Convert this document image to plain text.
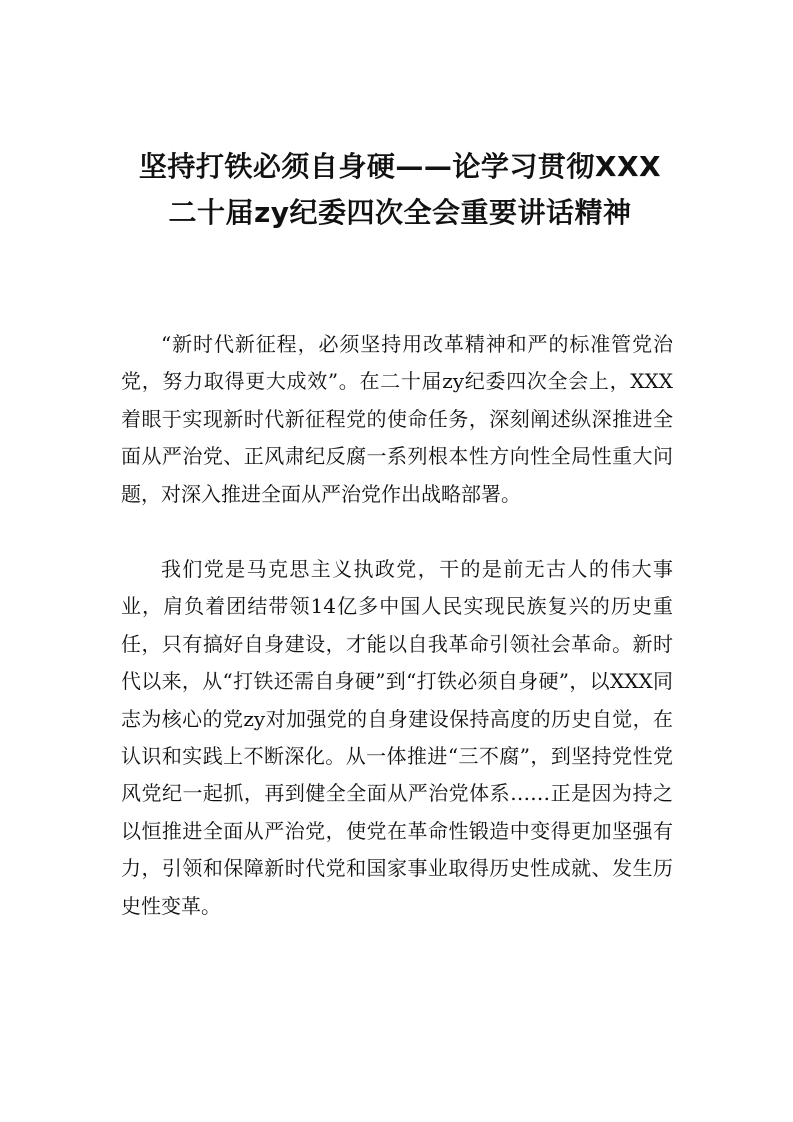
坚持打铁必须自身硬——论学习贯彻XXX
二十届zy纪委四次全会重要讲话精神

“新时代新征程，必须坚持用改革精神和严的标准管党治党，努力取得更大成效”。在二十届zy纪委四次全会上，XXX着眼于实现新时代新征程党的使命任务，深刻阐述纵深推进全面从严治党、正风肃纪反腐一系列根本性方向性全局性重大问题，对深入推进全面从严治党作出战略部署。

我们党是马克思主义执政党，干的是前无古人的伟大事业，肩负着团结带领14亿多中国人民实现民族复兴的历史重任，只有搞好自身建设，才能以自我革命引领社会革命。新时代以来，从“打铁还需自身硬”到“打铁必须自身硬”，以XXX同志为核心的党zy对加强党的自身建设保持高度的历史自觉，在认识和实践上不断深化。从一体推进“三不腐”，到坚持党性党风党纪一起抓，再到健全全面从严治党体系……正是因为持之以恒推进全面从严治党，使党在革命性锻造中变得更加坚强有力，引领和保障新时代党和国家事业取得历史性成就、发生历史性变革。
